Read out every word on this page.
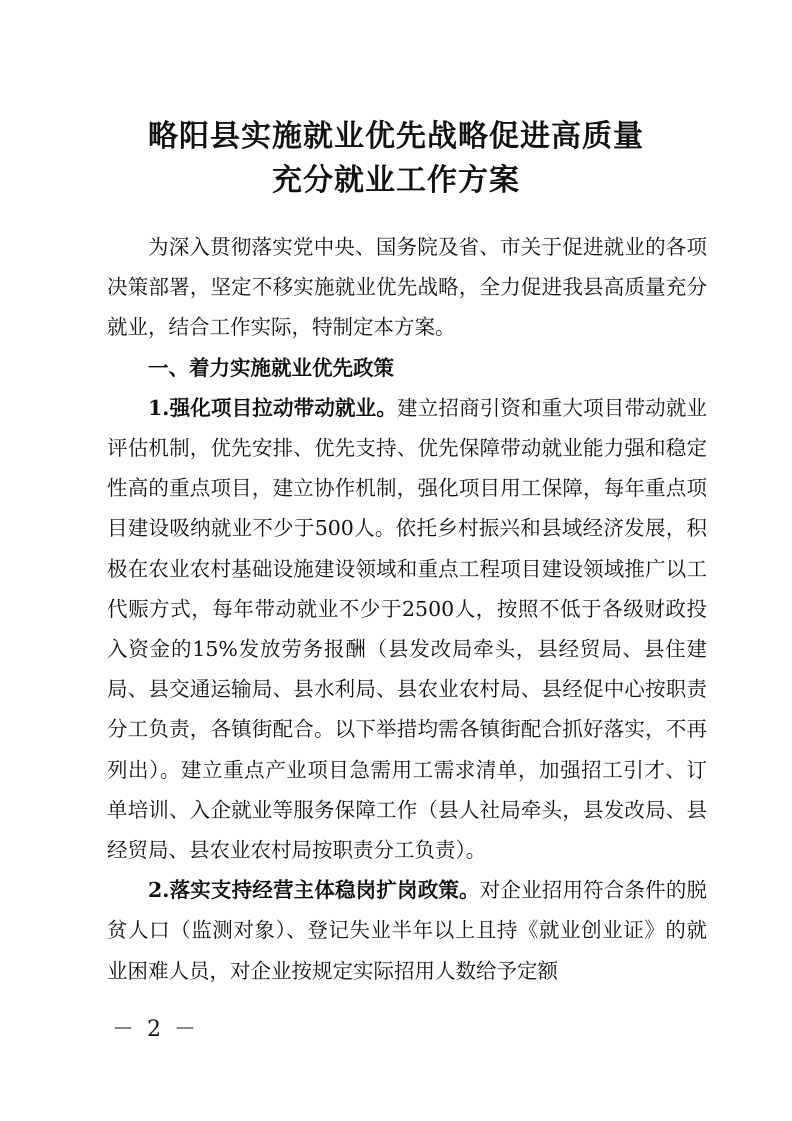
略阳县实施就业优先战略促进高质量
充分就业工作方案

为深入贯彻落实党中央、国务院及省、市关于促进就业的各项决策部署，坚定不移实施就业优先战略，全力促进我县高质量充分就业，结合工作实际，特制定本方案。

一、着力实施就业优先政策

1.强化项目拉动带动就业。建立招商引资和重大项目带动就业评估机制，优先安排、优先支持、优先保障带动就业能力强和稳定性高的重点项目，建立协作机制，强化项目用工保障，每年重点项目建设吸纳就业不少于500人。依托乡村振兴和县域经济发展，积极在农业农村基础设施建设领域和重点工程项目建设领域推广以工代赈方式，每年带动就业不少于2500人，按照不低于各级财政投入资金的15%发放劳务报酬（县发改局牵头，县经贸局、县住建局、县交通运输局、县水利局、县农业农村局、县经促中心按职责分工负责，各镇街配合。以下举措均需各镇街配合抓好落实，不再列出）。建立重点产业项目急需用工需求清单，加强招工引才、订单培训、入企就业等服务保障工作（县人社局牵头，县发改局、县经贸局、县农业农村局按职责分工负责）。

2.落实支持经营主体稳岗扩岗政策。对企业招用符合条件的脱贫人口（监测对象）、登记失业半年以上且持《就业创业证》的就业困难人员，对企业按规定实际招用人数给予定额

－ 2 －
